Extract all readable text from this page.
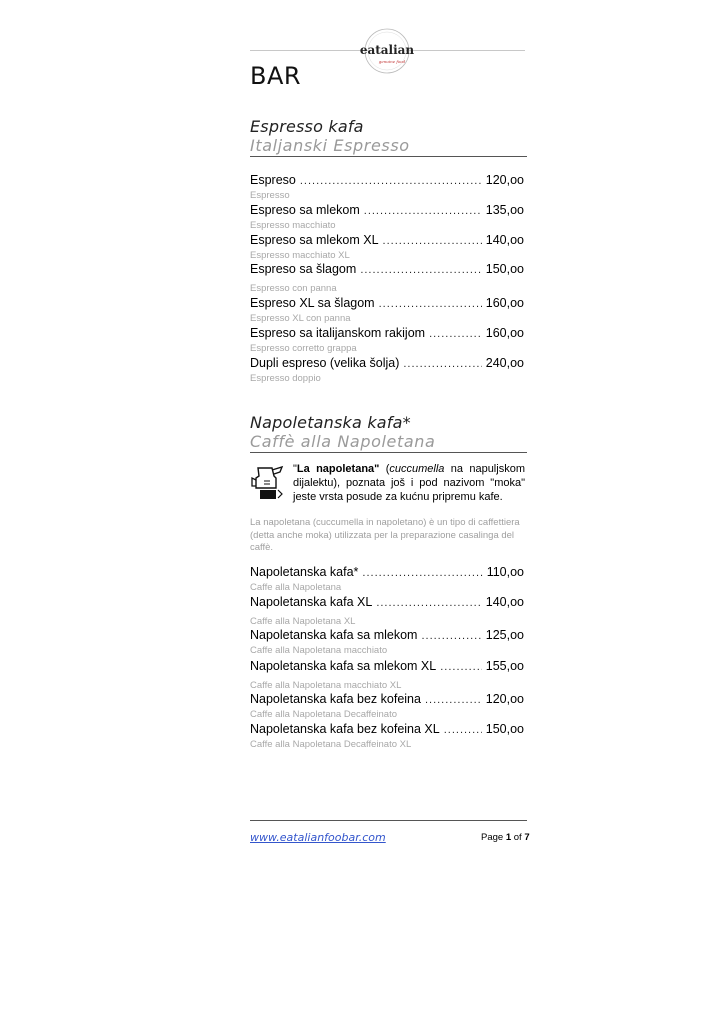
eatalian
genuine food
BAR
Espresso kafa
Italjanski Espresso
Espreso .....	120,oo
Espresso
Espreso sa mlekom .....	135,oo
Espresso macchiato
Espreso sa mlekom XL .....	140,oo
Espresso macchiato XL
Espreso sa šlagom .....	150,oo
Espresso con panna
Espreso XL sa šlagom .....	160,oo
Espresso XL con panna
Espreso sa italijanskom rakijom .....	160,oo
Espresso corretto grappa
Dupli espreso (velika šolja) .....	240,oo
Espresso doppio
Napoletanska kafa*
Caffè alla Napoletana
"La napoletana" (cuccumella na napuljskom dijalektu), poznata još i pod nazivom "moka" jeste vrsta posude za kućnu pripremu kafe.
La napoletana (cuccumella in napoletano) è un tipo di caffettiera (detta anche moka) utilizzata per la preparazione casalinga del caffè.
Napoletanska kafa* .....	110,oo
Caffe alla Napoletana
Napoletanska kafa XL .....	140,oo
Caffe alla Napoletana XL
Napoletanska kafa sa mlekom .....	125,oo
Caffe alla Napoletana macchiato
Napoletanska kafa sa mlekom XL .....	155,oo
Caffe alla Napoletana macchiato XL
Napoletanska kafa bez kofeina .....	120,oo
Caffe alla Napoletana Decaffeinato
Napoletanska kafa bez kofeina XL .....	150,oo
Caffe alla Napoletana Decaffeinato XL
www.eatalianfoobar.com	Page 1 of 7
